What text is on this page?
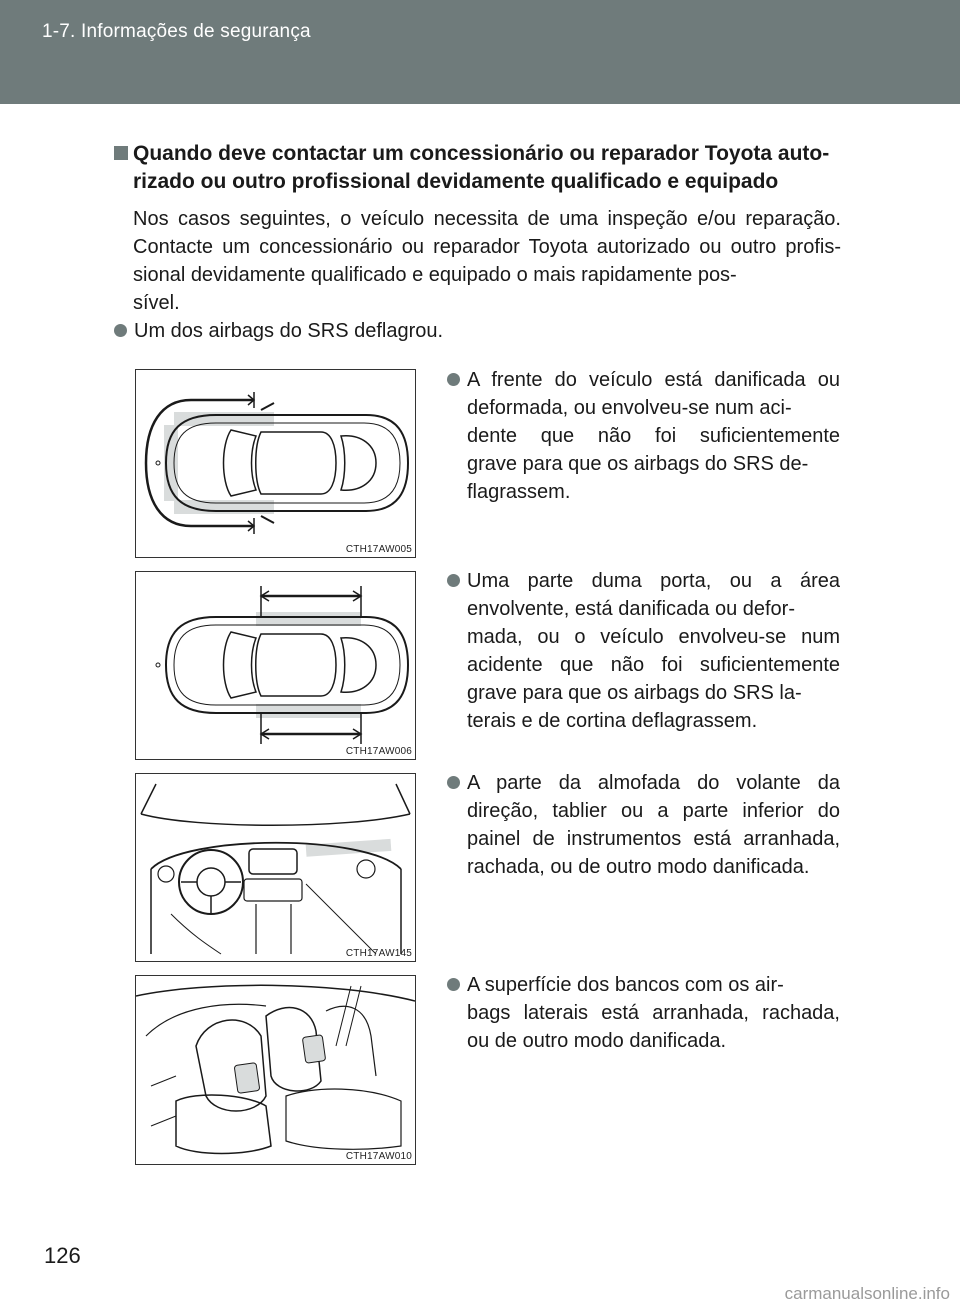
1-7. Informações de segurança
Quando deve contactar um concessionário ou reparador Toyota auto-
rizado ou outro profissional devidamente qualificado e equipado
Nos casos seguintes, o veículo necessita de uma inspeção e/ou reparação.
Contacte um concessionário ou reparador Toyota autorizado ou outro profis-
sional devidamente qualificado e equipado o mais rapidamente pos-
sível.
Um dos airbags do SRS deflagrou.
A frente do veículo está danificada ou
deformada, ou envolveu-se num aci-
dente que não foi suficientemente
grave para que os airbags do SRS de-
flagrassem.
Uma parte duma porta, ou a área
envolvente, está danificada ou defor-
mada, ou o veículo envolveu-se num
acidente que não foi suficientemente
grave para que os airbags do SRS la-
terais e de cortina deflagrassem.
A parte da almofada do volante da
direção, tablier ou a parte inferior do
painel de instrumentos está arranhada,
rachada, ou de outro modo danificada.
A superfície dos bancos com os air-
bags laterais está arranhada, rachada,
ou de outro modo danificada.
CTH17AW005
CTH17AW006
CTH17AW145
CTH17AW010
126
carmanualsonline.info
